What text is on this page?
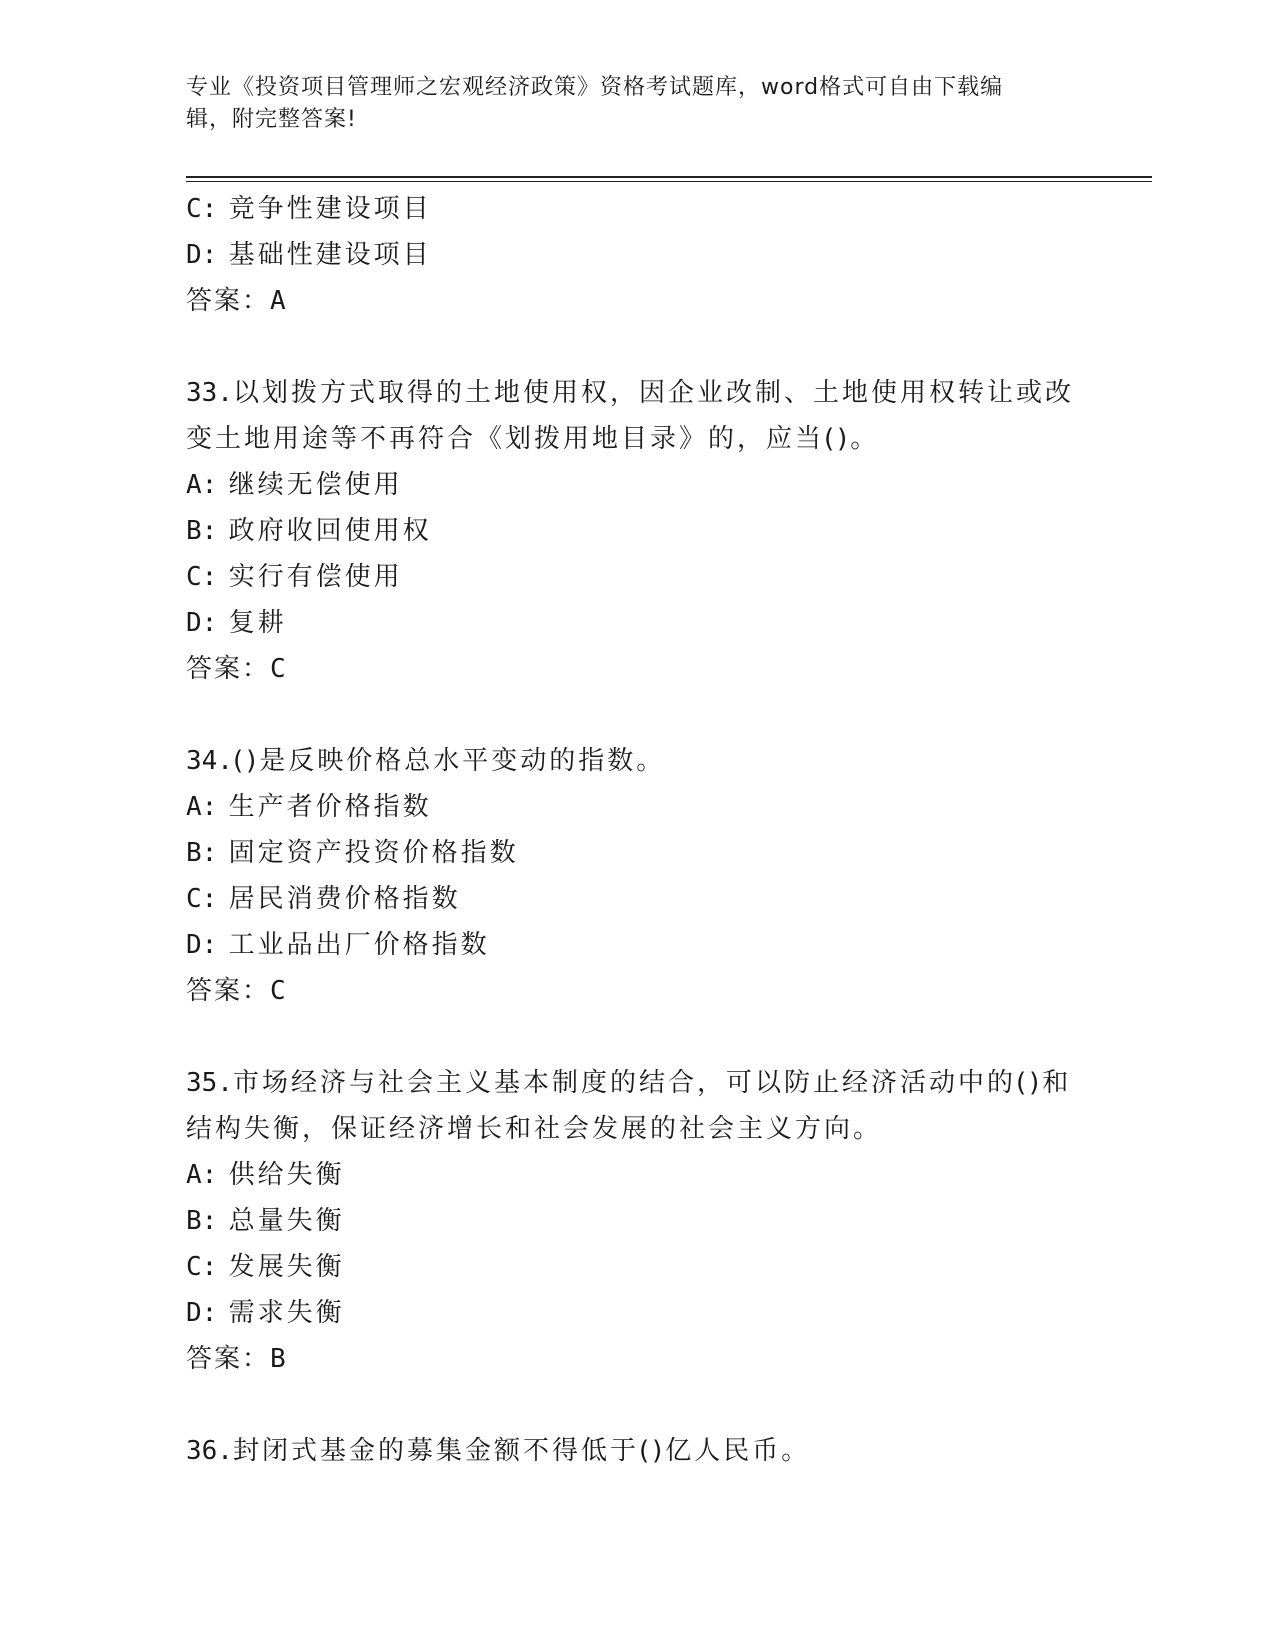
专业《投资项目管理师之宏观经济政策》资格考试题库，word格式可自由下载编
辑，附完整答案!
C: 竞争性建设项目
D: 基础性建设项目
答案：A
33.以划拨方式取得的土地使用权，因企业改制、土地使用权转让或改
变土地用途等不再符合《划拨用地目录》的，应当()。
A: 继续无偿使用
B: 政府收回使用权
C: 实行有偿使用
D: 复耕
答案：C
34.()是反映价格总水平变动的指数。
A: 生产者价格指数
B: 固定资产投资价格指数
C: 居民消费价格指数
D: 工业品出厂价格指数
答案：C
35.市场经济与社会主义基本制度的结合，可以防止经济活动中的()和
结构失衡，保证经济增长和社会发展的社会主义方向。
A: 供给失衡
B: 总量失衡
C: 发展失衡
D: 需求失衡
答案：B
36.封闭式基金的募集金额不得低于()亿人民币。
